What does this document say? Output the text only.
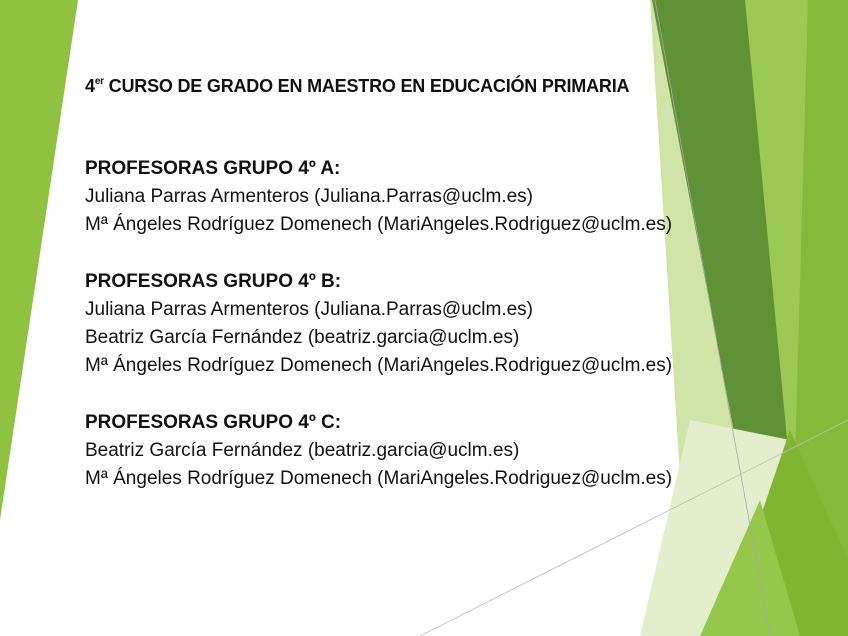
4er CURSO DE GRADO EN MAESTRO EN EDUCACIÓN PRIMARIA

PROFESORAS GRUPO 4º A:

Juliana Parras Armenteros (Juliana.Parras@uclm.es)

Mª Ángeles Rodríguez Domenech (MariAngeles.Rodriguez@uclm.es)

PROFESORAS GRUPO 4º B:

Juliana Parras Armenteros (Juliana.Parras@uclm.es)

Beatriz García Fernández (beatriz.garcia@uclm.es)

Mª Ángeles Rodríguez Domenech (MariAngeles.Rodriguez@uclm.es)

PROFESORAS GRUPO 4º C:

Beatriz García Fernández (beatriz.garcia@uclm.es)

Mª Ángeles Rodríguez Domenech (MariAngeles.Rodriguez@uclm.es)
